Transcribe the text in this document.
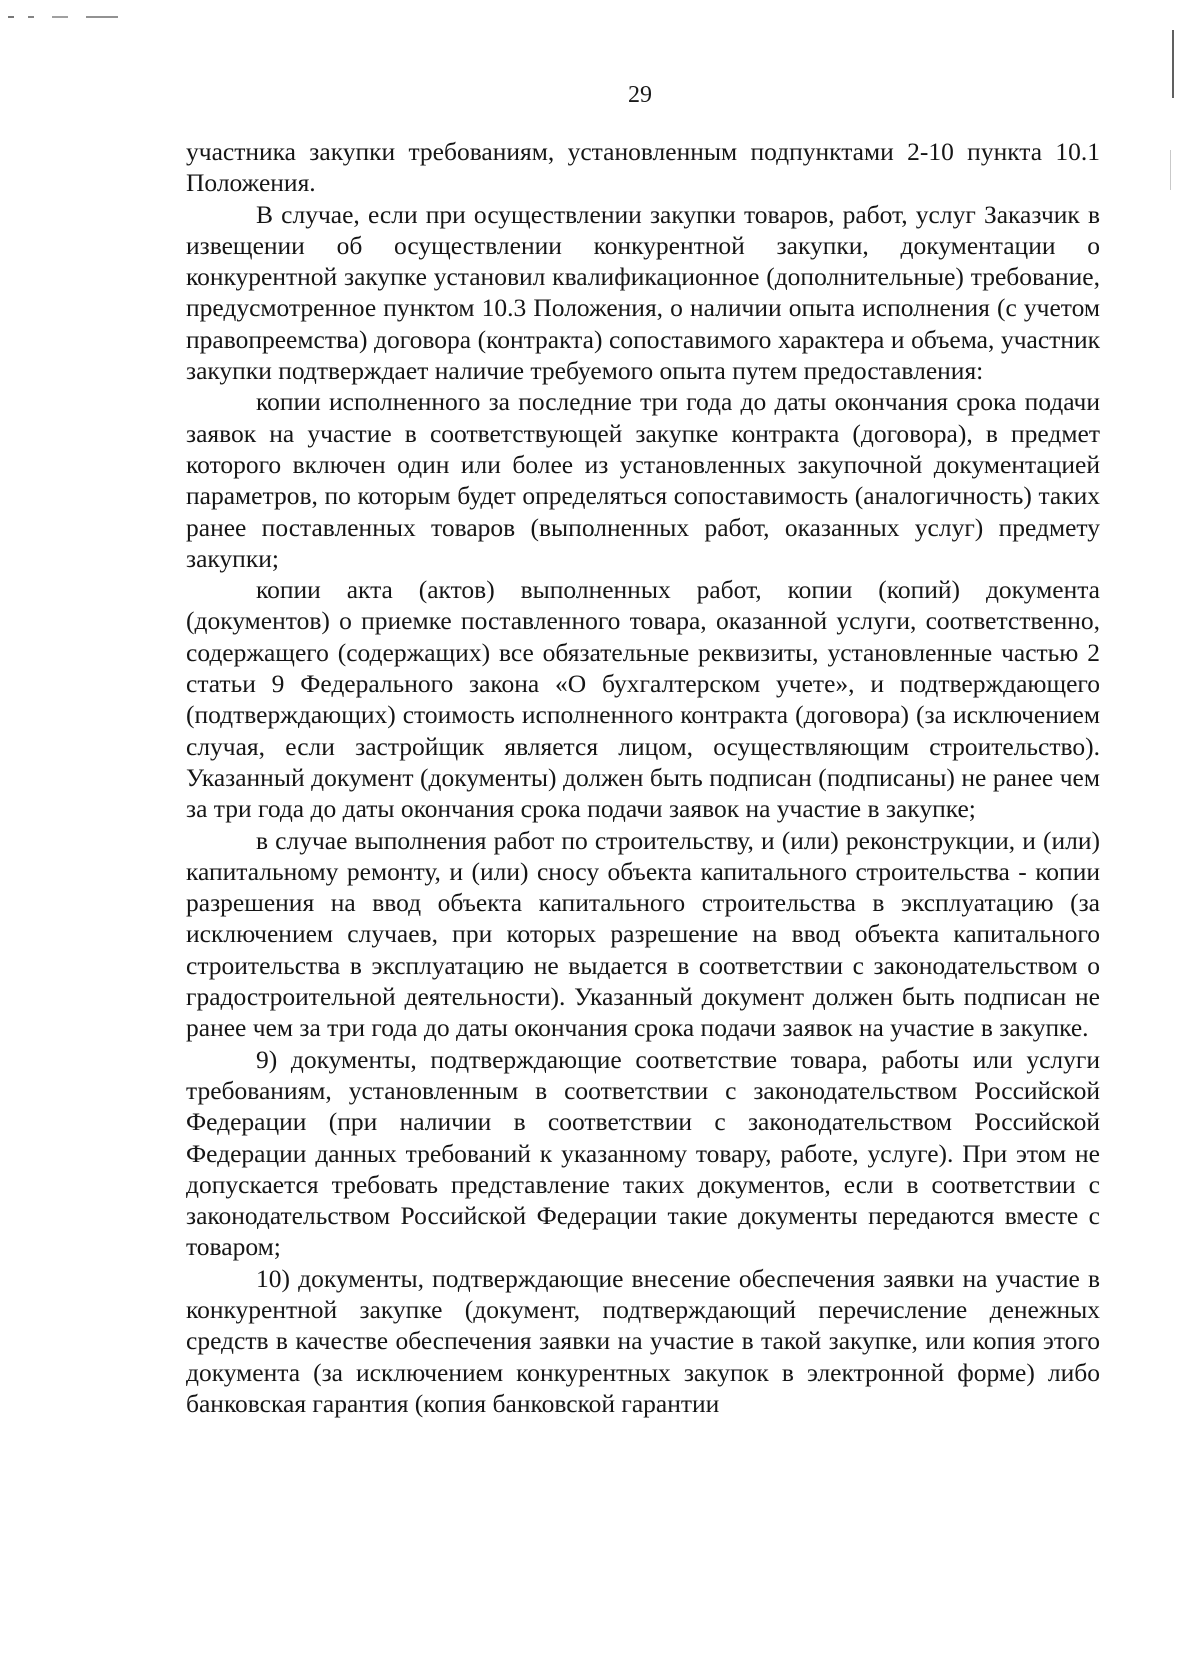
29

участника закупки требованиям, установленным подпунктами 2-10 пункта 10.1 Положения.

В случае, если при осуществлении закупки товаров, работ, услуг Заказчик в извещении об осуществлении конкурентной закупки, документации о конкурентной закупке установил квалификационное (дополнительные) требование, предусмотренное пунктом 10.3 Положения, о наличии опыта исполнения (с учетом правопреемства) договора (контракта) сопоставимого характера и объема, участник закупки подтверждает наличие требуемого опыта путем предоставления:

копии исполненного за последние три года до даты окончания срока подачи заявок на участие в соответствующей закупке контракта (договора), в предмет которого включен один или более из установленных закупочной документацией параметров, по которым будет определяться сопоставимость (аналогичность) таких ранее поставленных товаров (выполненных работ, оказанных услуг) предмету закупки;

копии акта (актов) выполненных работ, копии (копий) документа (документов) о приемке поставленного товара, оказанной услуги, соответственно, содержащего (содержащих) все обязательные реквизиты, установленные частью 2 статьи 9 Федерального закона «О бухгалтерском учете», и подтверждающего (подтверждающих) стоимость исполненного контракта (договора) (за исключением случая, если застройщик является лицом, осуществляющим строительство). Указанный документ (документы) должен быть подписан (подписаны) не ранее чем за три года до даты окончания срока подачи заявок на участие в закупке;

в случае выполнения работ по строительству, и (или) реконструкции, и (или) капитальному ремонту, и (или) сносу объекта капитального строительства - копии разрешения на ввод объекта капитального строительства в эксплуатацию (за исключением случаев, при которых разрешение на ввод объекта капитального строительства в эксплуатацию не выдается в соответствии с законодательством о градостроительной деятельности). Указанный документ должен быть подписан не ранее чем за три года до даты окончания срока подачи заявок на участие в закупке.

9) документы, подтверждающие соответствие товара, работы или услуги требованиям, установленным в соответствии с законодательством Российской Федерации (при наличии в соответствии с законодательством Российской Федерации данных требований к указанному товару, работе, услуге). При этом не допускается требовать представление таких документов, если в соответствии с законодательством Российской Федерации такие документы передаются вместе с товаром;

10) документы, подтверждающие внесение обеспечения заявки на участие в конкурентной закупке (документ, подтверждающий перечисление денежных средств в качестве обеспечения заявки на участие в такой закупке, или копия этого документа (за исключением конкурентных закупок в электронной форме) либо банковская гарантия (копия банковской гарантии
